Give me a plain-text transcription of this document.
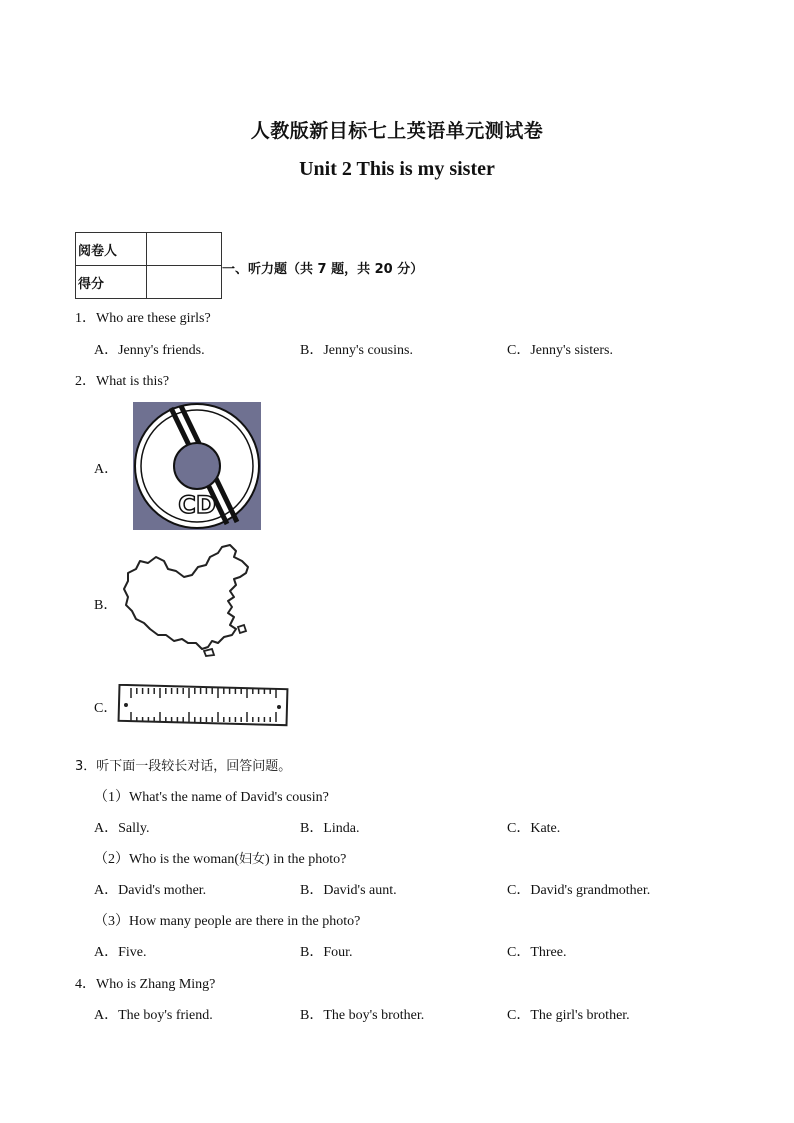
人教版新目标七上英语单元测试卷
Unit 2 This is my sister
阅卷人	
得分	
一、听力题（共 7 题，共 20 分）
1．Who are these girls?
A．Jenny's friends.	B．Jenny's cousins.	C．Jenny's sisters.
2．What is this?
A．
CD
B．
C．
3．听下面一段较长对话，回答问题。
（1）What's the name of David's cousin?
A．Sally.	B．Linda.	C．Kate.
（2）Who is the woman(妇女) in the photo?
A．David's mother.	B．David's aunt.	C．David's grandmother.
（3）How many people are there in the photo?
A．Five.	B．Four.	C．Three.
4．Who is Zhang Ming?
A．The boy's friend.	B．The boy's brother.	C．The girl's brother.
